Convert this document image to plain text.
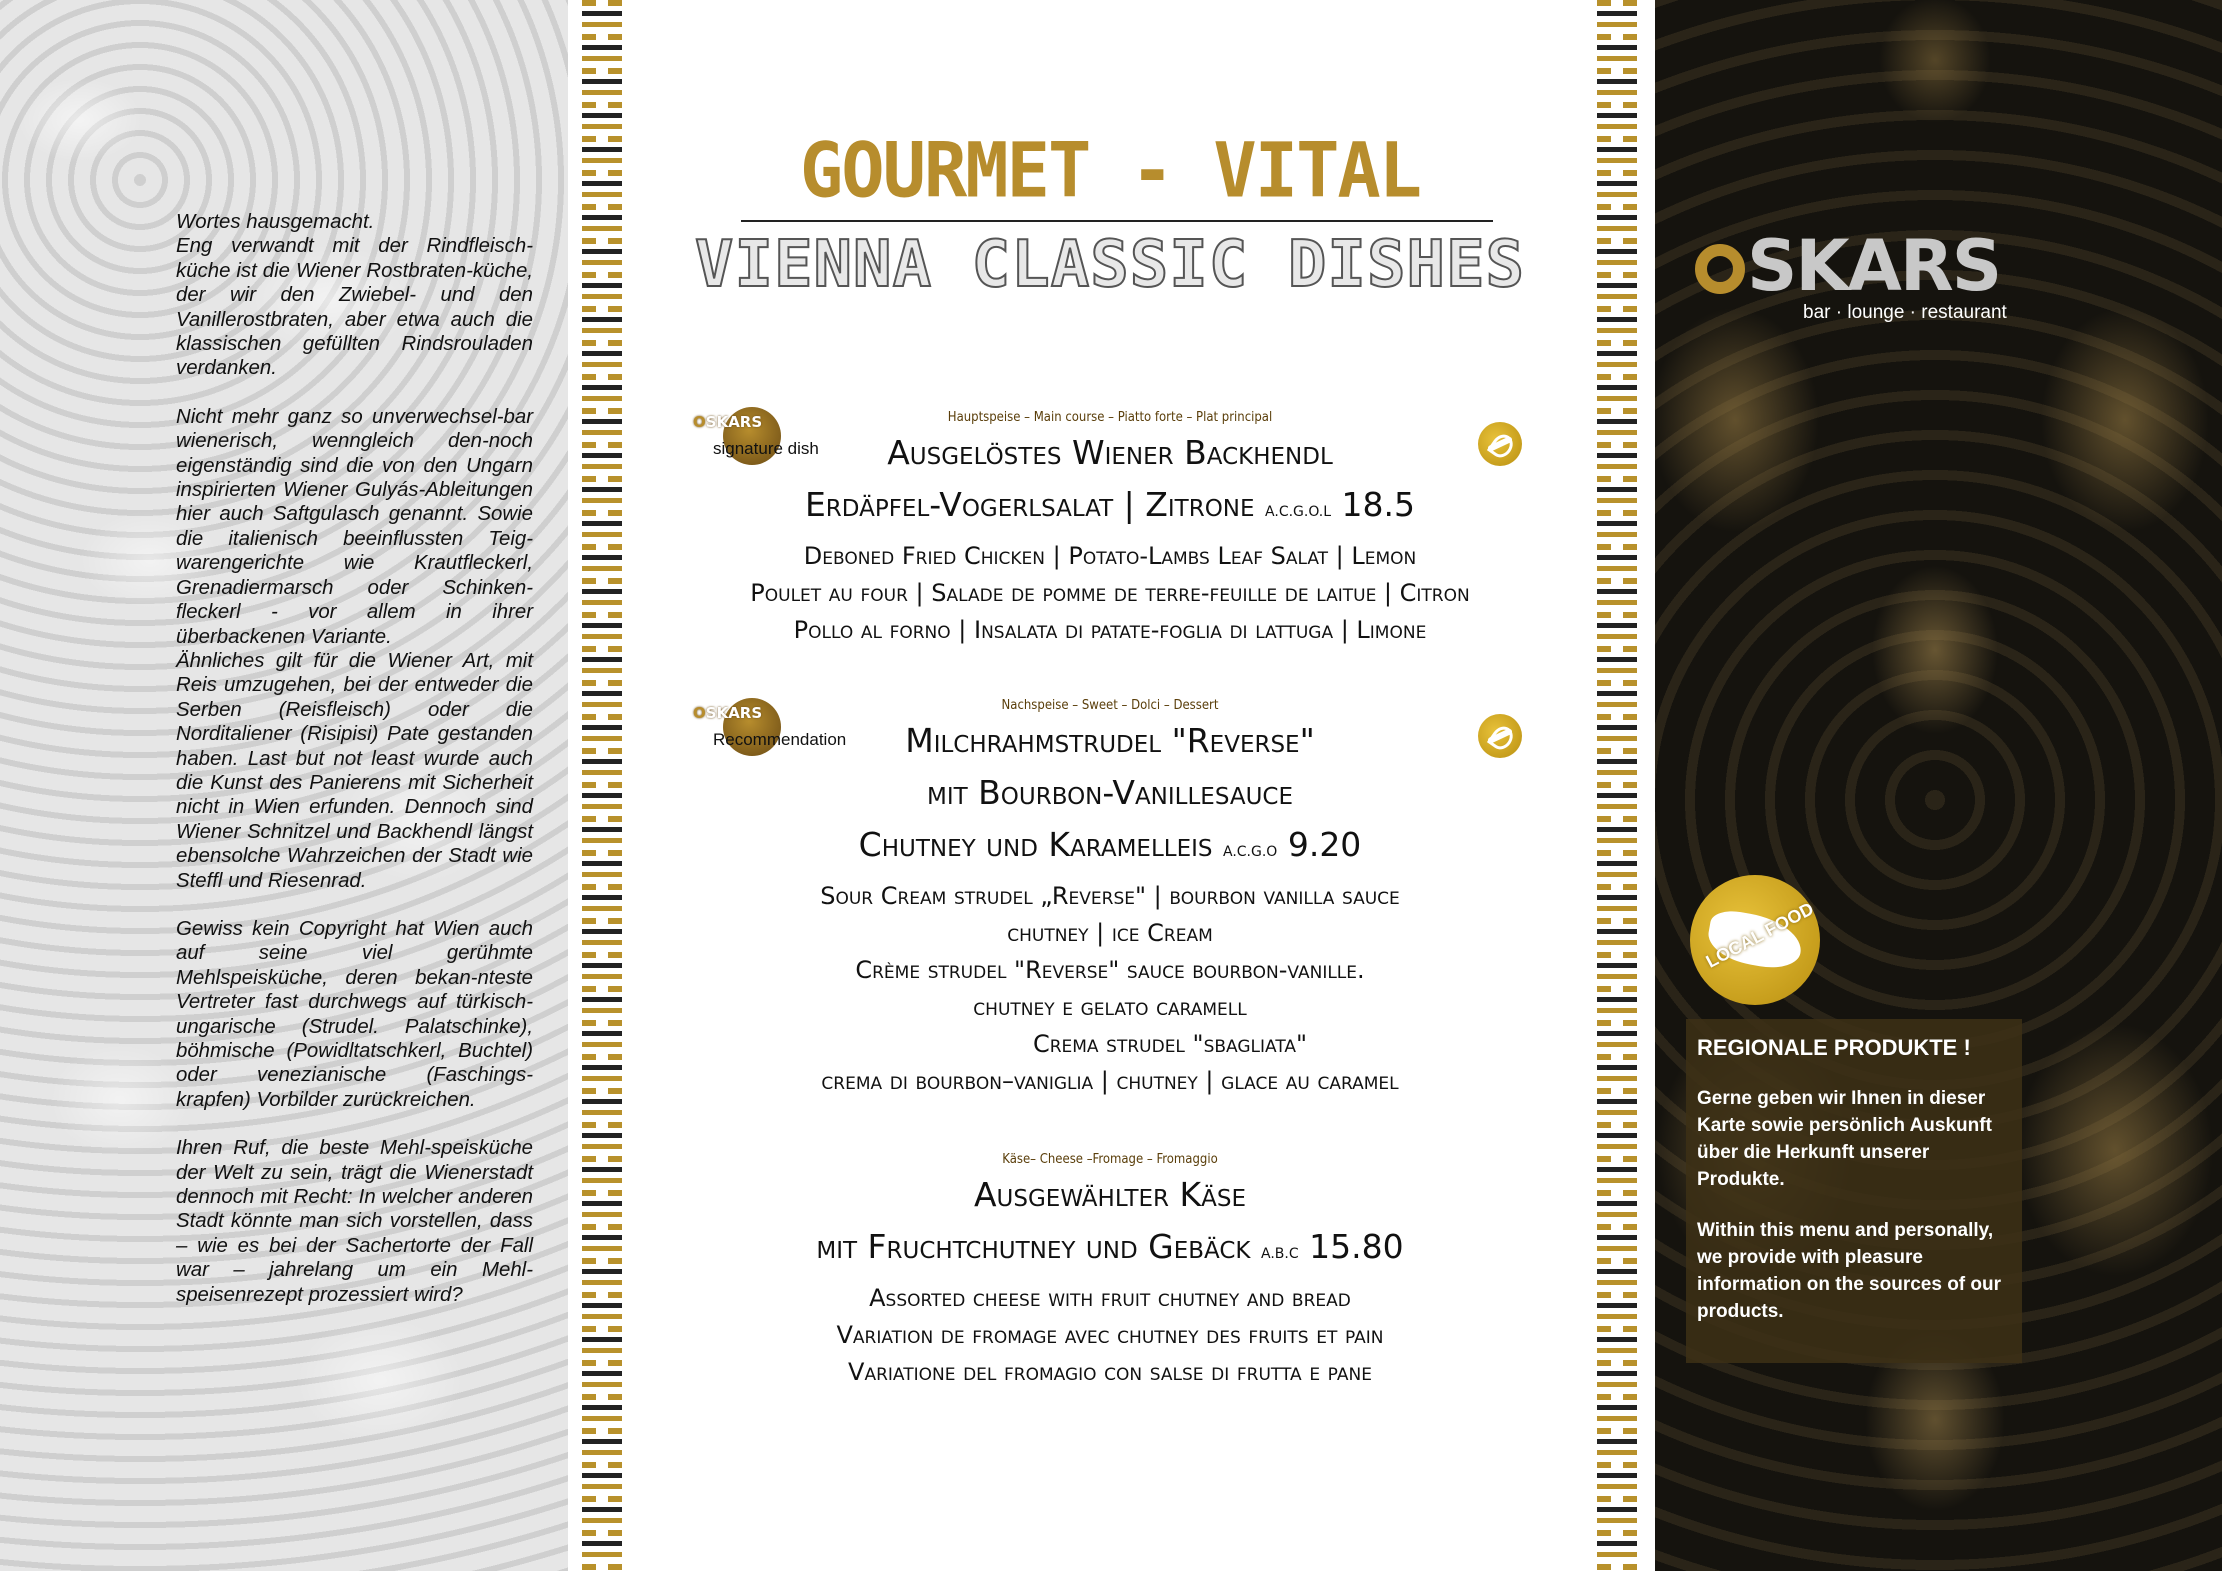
Wortes hausgemacht.

Eng verwandt mit der Rindfleisch-küche ist die Wiener Rostbraten-küche, der wir den Zwiebel- und den Vanillerostbraten, aber etwa auch die klassischen gefüllten Rindsrouladen verdanken.

Nicht mehr ganz so unverwechsel-bar wienerisch, wenngleich den-noch eigenständig sind die von den Ungarn inspirierten Wiener Gulyás-Ableitungen hier auch Saftgulasch genannt. Sowie die italienisch beeinflussten Teig-warengerichte wie Krautfleckerl, Grenadiermarsch oder Schinken-fleckerl - vor allem in ihrer überbackenen Variante.

Ähnliches gilt für die Wiener Art, mit Reis umzugehen, bei der entweder die Serben (Reisfleisch) oder die Norditaliener (Risipisi) Pate gestanden haben. Last but not least wurde auch die Kunst des Panierens mit Sicherheit nicht in Wien erfunden. Dennoch sind Wiener Schnitzel und Backhendl längst ebensolche Wahrzeichen der Stadt wie Steffl und Riesenrad.

Gewiss kein Copyright hat Wien auch auf seine viel gerühmte Mehlspeisküche, deren bekan-nteste Vertreter fast durchwegs auf türkisch- ungarische (Strudel. Palatschinke), böhmische (Powidltatschkerl, Buchtel) oder venezianische (Faschings-krapfen) Vorbilder zurückreichen.

Ihren Ruf, die beste Mehl-speisküche der Welt zu sein, trägt die Wienerstadt dennoch mit Recht: In welcher anderen Stadt könnte man sich vorstellen, dass – wie es bei der Sachertorte der Fall war – jahrelang um ein Mehl-speisenrezept prozessiert wird?

GOURMET - VITAL
VIENNA CLASSIC DISHES
Hauptspeise – Main course – Piatto forte – Plat principal
Ausgelöstes Wiener Backhendl
Erdäpfel-Vogerlsalat | Zitrone A.C.G.O.L 18.5
Deboned Fried Chicken | Potato-Lambs Leaf Salat | Lemon
Poulet au four | Salade de pomme de terre-feuille de laitue | Citron
Pollo al forno | Insalata di patate-foglia di lattuga | Limone
Nachspeise – Sweet – Dolci – Dessert
Milchrahmstrudel "Reverse"
mit Bourbon-Vanillesauce
Chutney und Karamelleis A.C.G.O 9.20
Sour Cream strudel „Reverse" | bourbon vanilla sauce
chutney | ice Cream
Crème strudel "Reverse" sauce bourbon-vanille.
chutney e gelato caramell
Crema strudel "sbagliata"
crema di bourbon–vaniglia | chutney | glace au caramel
Käse– Cheese –Fromage – Fromaggio
Ausgewählter Käse
mit Fruchtchutney und Gebäck A.B.C 15.80
Assorted cheese with fruit chutney and bread
Variation de fromage avec chutney des fruits et pain
Variatione del fromagio con salse di frutta e pane
OSKARS
signature dish
OSKARS
Recommendation
SKARS
bar · lounge · restaurant
LOCAL FOOD
REGIONALE PRODUKTE !
Gerne geben wir Ihnen in dieser Karte sowie persönlich Auskunft über die Herkunft unserer Produkte.
Within this menu and personally, we provide with pleasure information on the sources of our products.
